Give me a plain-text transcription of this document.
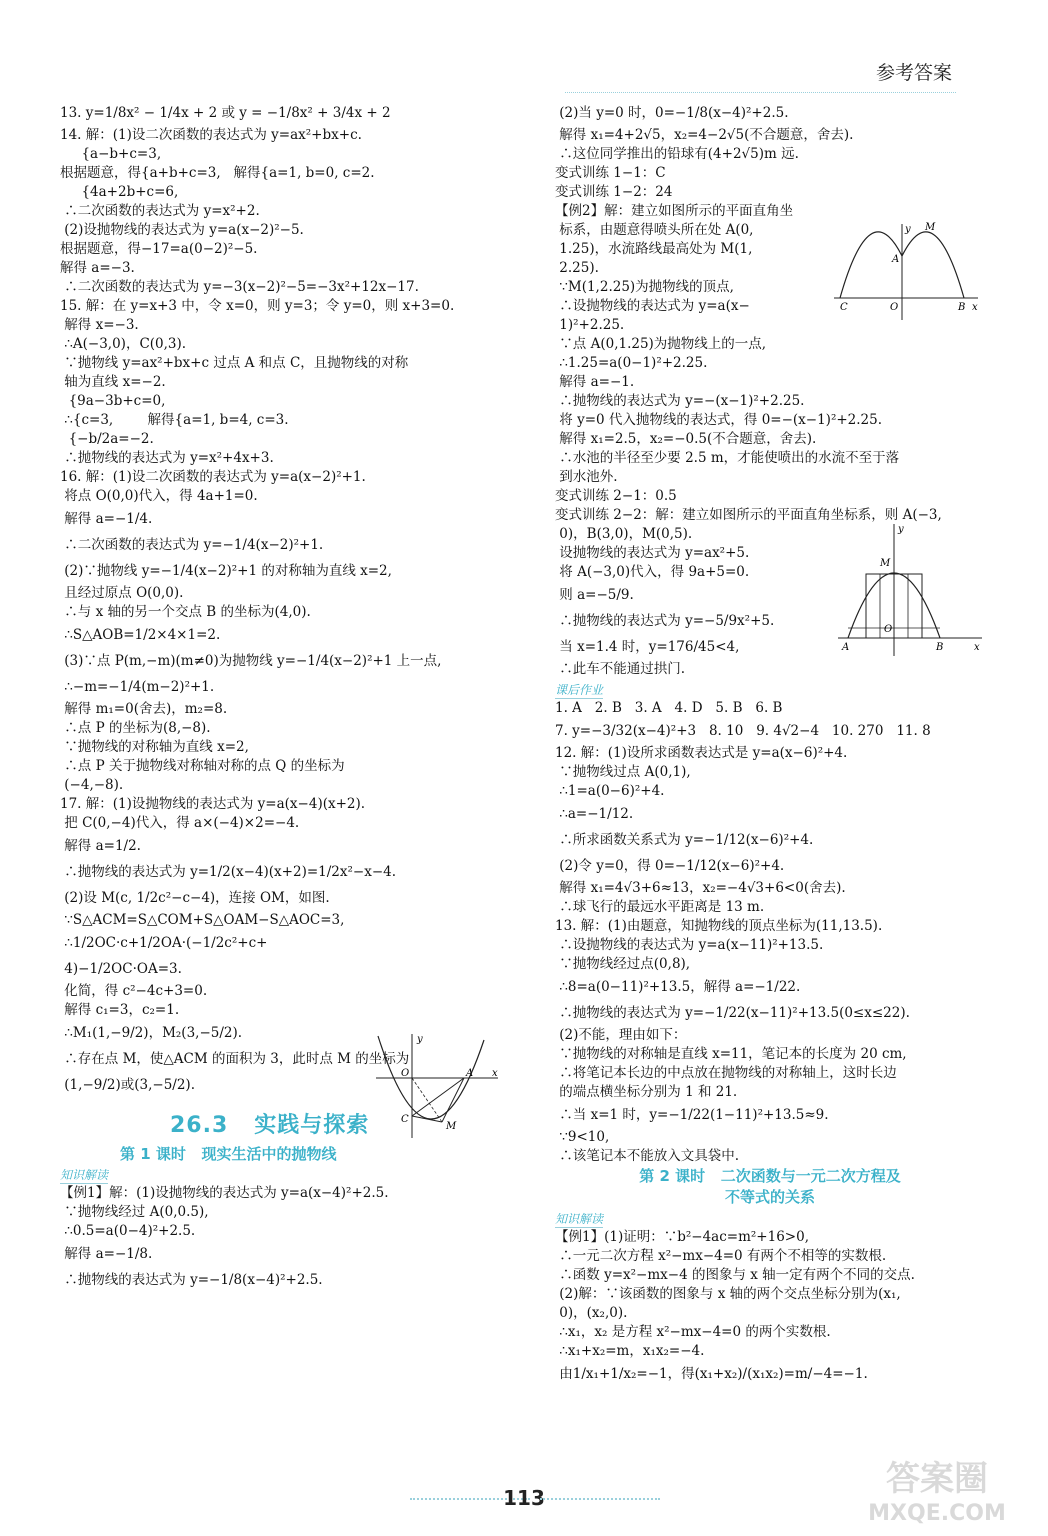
参考答案
13. y=1/8x² − 1/4x + 2 或 y = −1/8x² + 3/4x + 2
14. 解：(1)设二次函数的表达式为 y=ax²+bx+c.
{a−b+c=3,
根据题意，得{a+b+c=3,   解得{a=1, b=0, c=2.
{4a+2b+c=6,
∴二次函数的表达式为 y=x²+2.
(2)设抛物线的表达式为 y=a(x−2)²−5.
根据题意，得−17=a(0−2)²−5.
解得 a=−3.
∴二次函数的表达式为 y=−3(x−2)²−5=−3x²+12x−17.
15. 解：在 y=x+3 中，令 x=0，则 y=3；令 y=0，则 x+3=0.
解得 x=−3.
∴A(−3,0)，C(0,3).
∵抛物线 y=ax²+bx+c 过点 A 和点 C，且抛物线的对称
轴为直线 x=−2.
{9a−3b+c=0,
∴{c=3,        解得{a=1, b=4, c=3.
{−b/2a=−2.
∴抛物线的表达式为 y=x²+4x+3.
16. 解：(1)设二次函数的表达式为 y=a(x−2)²+1.
将点 O(0,0)代入，得 4a+1=0.
解得 a=−1/4.
∴二次函数的表达式为 y=−1/4(x−2)²+1.
(2)∵抛物线 y=−1/4(x−2)²+1 的对称轴为直线 x=2,
且经过原点 O(0,0).
∴与 x 轴的另一个交点 B 的坐标为(4,0).
∴S△AOB=1/2×4×1=2.
(3)∵点 P(m,−m)(m≠0)为抛物线 y=−1/4(x−2)²+1 上一点,
∴−m=−1/4(m−2)²+1.
解得 m₁=0(舍去)，m₂=8.
∴点 P 的坐标为(8,−8).
∵抛物线的对称轴为直线 x=2,
∴点 P 关于抛物线对称轴对称的点 Q 的坐标为
(−4,−8).
17. 解：(1)设抛物线的表达式为 y=a(x−4)(x+2).
把 C(0,−4)代入，得 a×(−4)×2=−4.
解得 a=1/2.
∴抛物线的表达式为 y=1/2(x−4)(x+2)=1/2x²−x−4.
(2)设 M(c, 1/2c²−c−4)，连接 OM，如图.
∵S△ACM=S△COM+S△OAM−S△AOC=3,
∴1/2OC·c+1/2OA·(−1/2c²+c+
4)−1/2OC·OA=3.
化简，得 c²−4c+3=0.
解得 c₁=3，c₂=1.
∴M₁(1,−9/2)，M₂(3,−5/2).
∴存在点 M，使△ACM 的面积为 3，此时点 M 的坐标为
(1,−9/2)或(3,−5/2).
26.3   实践与探索
第 1 课时   现实生活中的抛物线
知识解读
【例1】解：(1)设抛物线的表达式为 y=a(x−4)²+2.5.
∵抛物线经过 A(0,0.5),
∴0.5=a(0−4)²+2.5.
解得 a=−1/8.
∴抛物线的表达式为 y=−1/8(x−4)²+2.5.
(2)当 y=0 时，0=−1/8(x−4)²+2.5.
解得 x₁=4+2√5，x₂=4−2√5(不合题意，舍去).
∴这位同学推出的铅球有(4+2√5)m 远.
变式训练 1−1：C
变式训练 1−2：24
【例2】解：建立如图所示的平面直角坐
标系，由题意得喷头所在处 A(0,
1.25)，水流路线最高处为 M(1,
2.25).
∵M(1,2.25)为抛物线的顶点,
∴设抛物线的表达式为 y=a(x−
1)²+2.25.
∵点 A(0,1.25)为抛物线上的一点,
∴1.25=a(0−1)²+2.25.
解得 a=−1.
∴抛物线的表达式为 y=−(x−1)²+2.25.
将 y=0 代入抛物线的表达式，得 0=−(x−1)²+2.25.
解得 x₁=2.5，x₂=−0.5(不合题意，舍去).
∴水池的半径至少要 2.5 m，才能使喷出的水流不至于落
到水池外.
变式训练 2−1：0.5
变式训练 2−2：解：建立如图所示的平面直角坐标系，则 A(−3,
0)，B(3,0)，M(0,5).
设抛物线的表达式为 y=ax²+5.
将 A(−3,0)代入，得 9a+5=0.
则 a=−5/9.
∴抛物线的表达式为 y=−5/9x²+5.
当 x=1.4 时，y=176/45<4,
∴此车不能通过拱门.
课后作业
1. A   2. B   3. A   4. D   5. B   6. B
7. y=−3/32(x−4)²+3   8. 10   9. 4√2−4   10. 270   11. 8
12. 解：(1)设所求函数表达式是 y=a(x−6)²+4.
∵抛物线过点 A(0,1),
∴1=a(0−6)²+4.
∴a=−1/12.
∴所求函数关系式为 y=−1/12(x−6)²+4.
(2)令 y=0，得 0=−1/12(x−6)²+4.
解得 x₁=4√3+6≈13，x₂=−4√3+6<0(舍去).
∴球飞行的最远水平距离是 13 m.
13. 解：(1)由题意，知抛物线的顶点坐标为(11,13.5).
∴设抛物线的表达式为 y=a(x−11)²+13.5.
∵抛物线经过点(0,8),
∴8=a(0−11)²+13.5，解得 a=−1/22.
∴抛物线的表达式为 y=−1/22(x−11)²+13.5(0≤x≤22).
(2)不能，理由如下：
∵抛物线的对称轴是直线 x=11，笔记本的长度为 20 cm,
∴将笔记本长边的中点放在抛物线的对称轴上，这时长边
的端点横坐标分别为 1 和 21.
∴当 x=1 时，y=−1/22(1−11)²+13.5≈9.
∵9<10,
∴该笔记本不能放入文具袋中.
第 2 课时   二次函数与一元二次方程及
不等式的关系
知识解读
【例1】(1)证明：∵b²−4ac=m²+16>0,
∴一元二次方程 x²−mx−4=0 有两个不相等的实数根.
∴函数 y=x²−mx−4 的图象与 x 轴一定有两个不同的交点.
(2)解：∵该函数的图象与 x 轴的两个交点坐标分别为(x₁,
0)，(x₂,0).
∴x₁，x₂ 是方程 x²−mx−4=0 的两个实数根.
∴x₁+x₂=m，x₁x₂=−4.
由1/x₁+1/x₂=−1，得(x₁+x₂)/(x₁x₂)=m/−4=−1.
y
O	A x
C
M
y M
A
C	O	B x
y
M
O
A	B	x
113	答案圈
MXQE.COM
